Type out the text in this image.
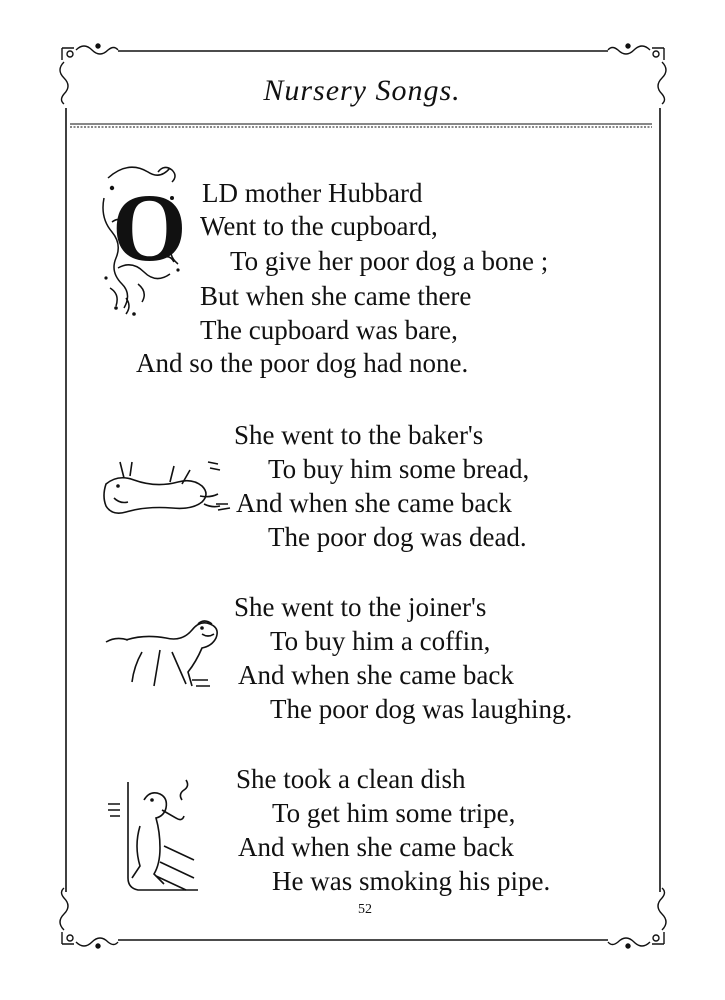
Nursery Songs.
O LD mother Hubbard
Went to the cupboard,
To give her poor dog a bone ;
But when she came there
The cupboard was bare,
And so the poor dog had none.
She went to the baker's
To buy him some bread,
And when she came back
The poor dog was dead.
She went to the joiner's
To buy him a coffin,
And when she came back
The poor dog was laughing.
She took a clean dish
To get him some tripe,
And when she came back
He was smoking his pipe.
52
